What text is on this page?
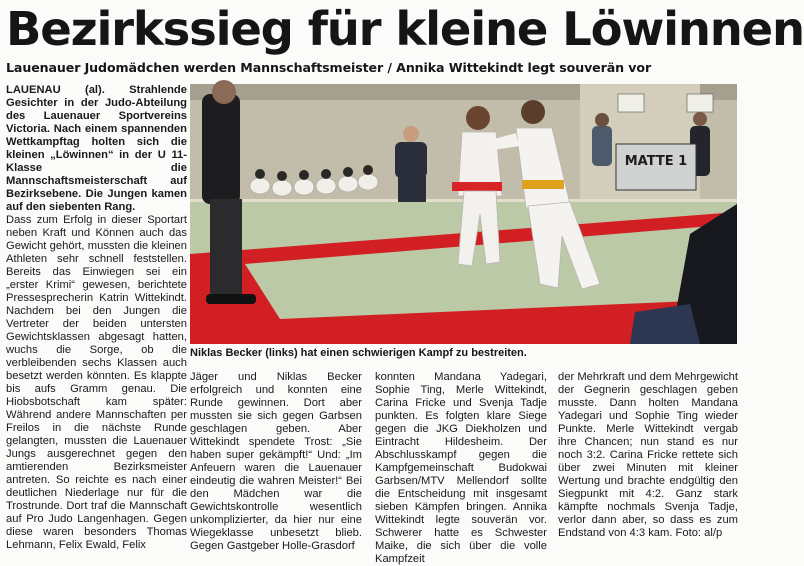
Bezirkssieg für kleine Löwinnen
Lauenauer Judomädchen werden Mannschaftsmeister / Annika Wittekindt legt souverän vor

LAUENAU (al). Strahlende Gesichter in der Judo-Abteilung des Lauenauer Sportvereins Victoria. Nach einem spannenden Wettkampftag holten sich die kleinen „Löwinnen“ in der U 11-Klasse die Mannschaftsmeisterschaft auf Bezirksebene. Die Jungen kamen auf den siebenten Rang.

Dass zum Erfolg in dieser Sportart neben Kraft und Können auch das Gewicht gehört, mussten die kleinen Athleten sehr schnell feststellen. Bereits das Einwiegen sei ein „erster Krimi“ gewesen, berichtete Pressesprecherin Katrin Wittekindt. Nachdem bei den Jungen die Vertreter der beiden untersten Gewichtsklassen abgesagt hatten, wuchs die Sorge, ob die verbleibenden sechs Klassen auch besetzt werden könnten. Es klappte bis aufs Gramm genau. Die Hiobsbotschaft kam später: Während andere Mannschaften per Freilos in die nächste Runde gelangten, mussten die Lauenauer Jungs ausgerechnet gegen den amtierenden Bezirksmeister antreten. So reichte es nach einer deutlichen Niederlage nur für die Trostrunde. Dort traf die Mannschaft auf Pro Judo Langenhagen. Gegen diese waren besonders Thomas Lehmann, Felix Ewald, Felix

MATTE 1
Niklas Becker (links) hat einen schwierigen Kampf zu bestreiten.

Jäger und Niklas Becker erfolgreich und konnten eine Runde gewinnen. Dort aber mussten sie sich gegen Garbsen geschlagen geben. Aber Wittekindt spendete Trost: „Sie haben super gekämpft!“ Und: „Im Anfeuern waren die Lauenauer eindeutig die wahren Meister!“ Bei den Mädchen war die Gewichtskontrolle wesentlich unkomplizierter, da hier nur eine Wiegeklasse unbesetzt blieb. Gegen Gastgeber Holle-Grasdorf

konnten Mandana Yadegari, Sophie Ting, Merle Wittekindt, Carina Fricke und Svenja Tadje punkten. Es folgten klare Siege gegen die JKG Diekholzen und Eintracht Hildesheim. Der Abschlusskampf gegen die Kampfgemeinschaft Budokwai Garbsen/MTV Mellendorf sollte die Entscheidung mit insgesamt sieben Kämpfen bringen. Annika Wittekindt legte souverän vor. Schwerer hatte es Schwester Maike, die sich über die volle Kampfzeit

der Mehrkraft und dem Mehrgewicht der Gegnerin geschlagen geben musste. Dann holten Mandana Yadegari und Sophie Ting wieder Punkte. Merle Wittekindt vergab ihre Chancen; nun stand es nur noch 3:2. Carina Fricke rettete sich über zwei Minuten mit kleiner Wertung und brachte endgültig den Siegpunkt mit 4:2. Ganz stark kämpfte nochmals Svenja Tadje, verlor dann aber, so dass es zum Endstand von 4:3 kam. Foto: al/p
